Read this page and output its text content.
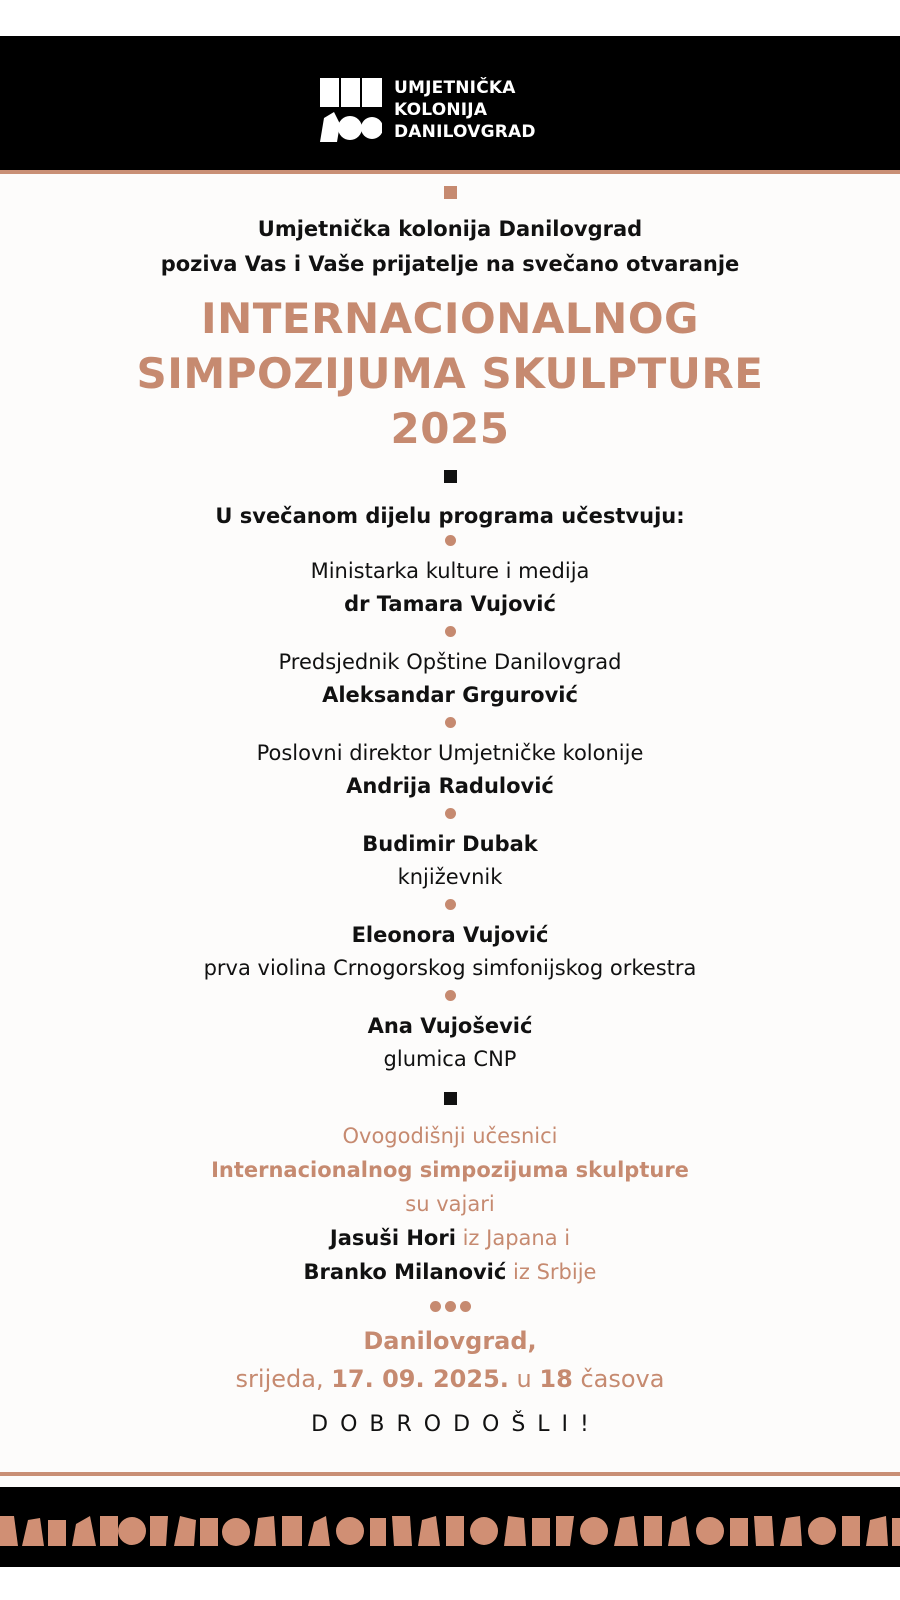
UMJETNIČKA
KOLONIJA
DANILOVGRAD
Umjetnička kolonija Danilovgrad
poziva Vas i Vaše prijatelje na svečano otvaranje
INTERNACIONALNOG
SIMPOZIJUMA SKULPTURE
2025
U svečanom dijelu programa učestvuju:
Ministarka kulture i medija
dr Tamara Vujović
Predsjednik Opštine Danilovgrad
Aleksandar Grgurović
Poslovni direktor Umjetničke kolonije
Andrija Radulović
Budimir Dubak
književnik
Eleonora Vujović
prva violina Crnogorskog simfonijskog orkestra
Ana Vujošević
glumica CNP
Ovogodišnji učesnici
Internacionalnog simpozijuma skulpture
su vajari
Jasuši Hori iz Japana i
Branko Milanović iz Srbije
Danilovgrad,
srijeda, 17. 09. 2025. u 18 časova
DOBRODOŠLI!
